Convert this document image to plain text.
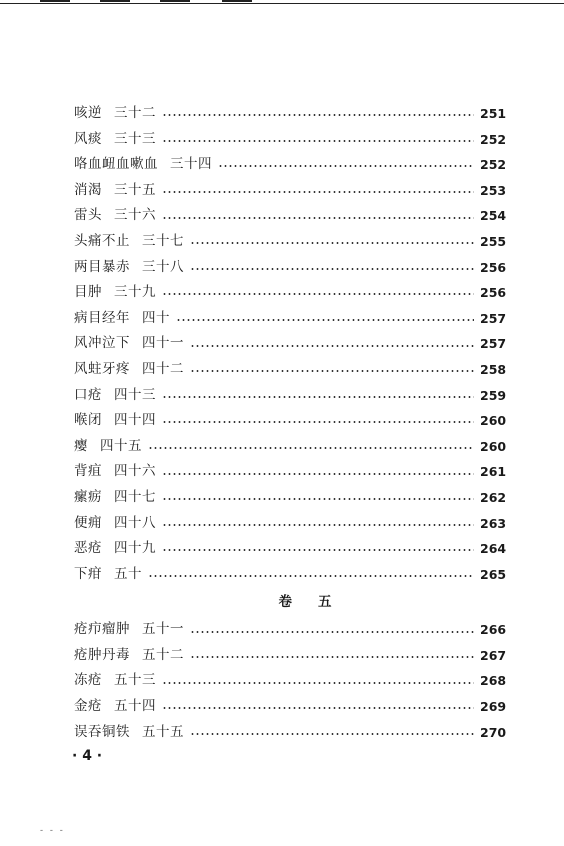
咳逆 三十二	251
风痰 三十三	252
咯血衄血嗽血 三十四	252
消渴 三十五	253
雷头 三十六	254
头痛不止 三十七	255
两目暴赤 三十八	256
目肿 三十九	256
病目经年 四十	257
风冲泣下 四十一	257
风蛀牙疼 四十二	258
口疮 四十三	259
喉闭 四十四	260
瘿 四十五	260
背疽 四十六	261
瘰疬 四十七	262
便痈 四十八	263
恶疮 四十九	264
下疳 五十	265
卷 五
疮疖瘤肿 五十一	266
疮肿丹毒 五十二	267
冻疮 五十三	268
金疮 五十四	269
误吞铜铁 五十五	270
· 4 ·
- - -
